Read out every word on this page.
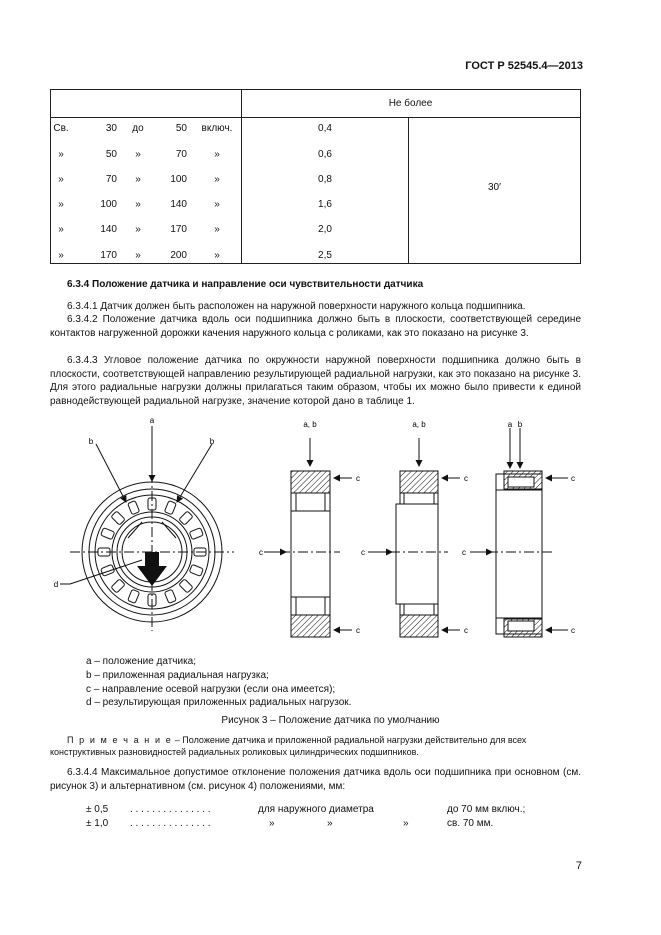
ГОСТ Р 52545.4—2013
Не более
Св.	30	до	50	включ.	0,4
»	50	»	70	»	0,6
»	70	»	100	»	0,8
»	100	»	140	»	1,6
»	140	»	170	»	2,0
»	170	»	200	»	2,5
30′
6.3.4 Положение датчика и направление оси чувствительности датчика
6.3.4.1 Датчик должен быть расположен на наружной поверхности наружного кольца подшипника.
6.3.4.2 Положение датчика вдоль оси подшипника должно быть в плоскости, соответствующей середине контактов нагруженной дорожки качения наружного кольца с роликами, как это показано на рисунке 3.
6.3.4.3 Угловое положение датчика по окружности наружной поверхности подшипника должно быть в плоскости, соответствующей направлению результирующей радиальной нагрузки, как это показано на рисунке 3. Для этого радиальные нагрузки должны прилагаться таким образом, чтобы их можно было привести к единой равнодействующей радиальной нагрузке, значение которой дано в таблице 1.
a
b	b
d
a, b
c
c
c
a, b
c
c
c
a b
c
c
c
a – положение датчика;
b – приложенная радиальная нагрузка;
c – направление осевой нагрузки (если она имеется);
d – результирующая приложенных радиальных нагрузок.
Рисунок 3 – Положение датчика по умолчанию
П р и м е ч а н и е – Положение датчика и приложенной радиальной нагрузки действительно для всех конструктивных разновидностей радиальных роликовых цилиндрических подшипников.
6.3.4.4 Максимальное допустимое отклонение положения датчика вдоль оси подшипника при основном (см. рисунок 3) и альтернативном (см. рисунок 4) положениями, мм:
± 0,5 . . . . . . . . . . . . . . .	для наружного диаметра	до 70 мм включ.;
± 1,0 . . . . . . . . . . . . . . .	»	»	»	св. 70 мм.
7
